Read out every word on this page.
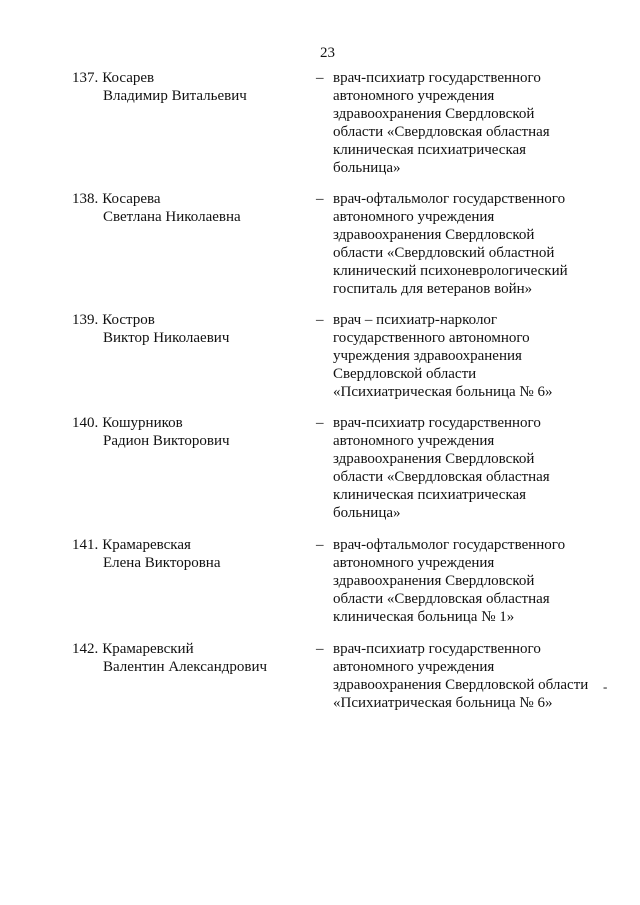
23
137. Косарев
Владимир Витальевич
– врач-психиатр государственного
автономного учреждения
здравоохранения Свердловской
области «Свердловская областная
клиническая психиатрическая
больница»
138. Косарева
Светлана Николаевна
– врач-офтальмолог государственного
автономного учреждения
здравоохранения Свердловской
области «Свердловский областной
клинический психоневрологический
госпиталь для ветеранов войн»
139. Костров
Виктор Николаевич
– врач – психиатр-нарколог
государственного автономного
учреждения здравоохранения
Свердловской области
«Психиатрическая больница № 6»
140. Кошурников
Радион Викторович
– врач-психиатр государственного
автономного учреждения
здравоохранения Свердловской
области «Свердловская областная
клиническая психиатрическая
больница»
141. Крамаревская
Елена Викторовна
– врач-офтальмолог государственного
автономного учреждения
здравоохранения Свердловской
области «Свердловская областная
клиническая больница № 1»
142. Крамаревский
Валентин Александрович
– врач-психиатр государственного
автономного учреждения
здравоохранения Свердловской области
«Психиатрическая больница № 6»
-
